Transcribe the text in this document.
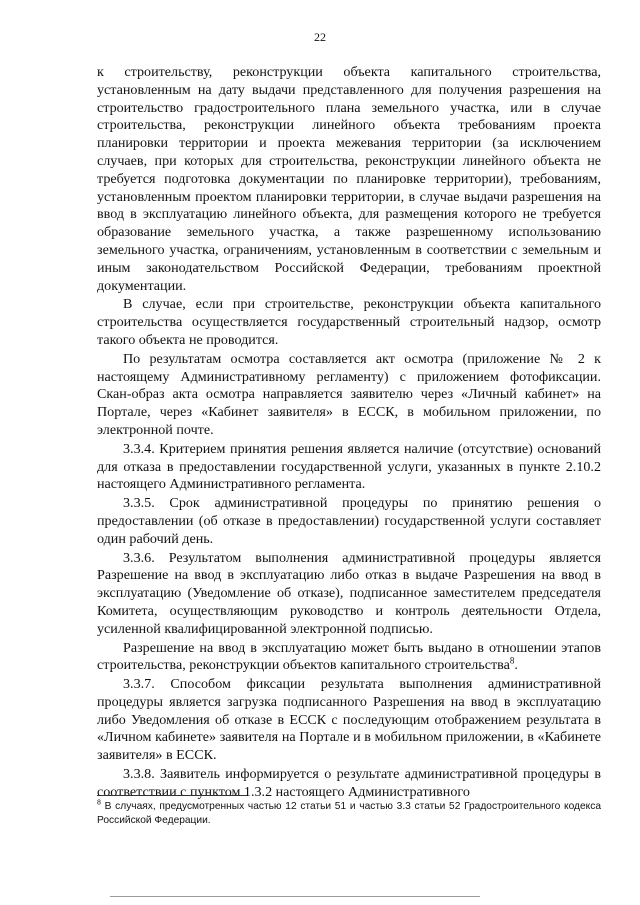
22

к строительству, реконструкции объекта капитального строительства, установленным на дату выдачи представленного для получения разрешения на строительство градостроительного плана земельного участка, или в случае строительства, реконструкции линейного объекта требованиям проекта планировки территории и проекта межевания территории (за исключением случаев, при которых для строительства, реконструкции линейного объекта не требуется подготовка документации по планировке территории), требованиям, установленным проектом планировки территории, в случае выдачи разрешения на ввод в эксплуатацию линейного объекта, для размещения которого не требуется образование земельного участка, а также разрешенному использованию земельного участка, ограничениям, установленным в соответствии с земельным и иным законодательством Российской Федерации, требованиям проектной документации.

В случае, если при строительстве, реконструкции объекта капитального строительства осуществляется государственный строительный надзор, осмотр такого объекта не проводится.

По результатам осмотра составляется акт осмотра (приложение № 2 к настоящему Административному регламенту) с приложением фотофиксации. Скан-образ акта осмотра направляется заявителю через «Личный кабинет» на Портале, через «Кабинет заявителя» в ЕССК, в мобильном приложении, по электронной почте.

3.3.4. Критерием принятия решения является наличие (отсутствие) оснований для отказа в предоставлении государственной услуги, указанных в пункте 2.10.2 настоящего Административного регламента.

3.3.5. Срок административной процедуры по принятию решения о предоставлении (об отказе в предоставлении) государственной услуги составляет один рабочий день.

3.3.6. Результатом выполнения административной процедуры является Разрешение на ввод в эксплуатацию либо отказ в выдаче Разрешения на ввод в эксплуатацию (Уведомление об отказе), подписанное заместителем председателя Комитета, осуществляющим руководство и контроль деятельности Отдела, усиленной квалифицированной электронной подписью.

Разрешение на ввод в эксплуатацию может быть выдано в отношении этапов строительства, реконструкции объектов капитального строительства$^8$.

3.3.7. Способом фиксации результата выполнения административной процедуры является загрузка подписанного Разрешения на ввод в эксплуатацию либо Уведомления об отказе в ЕССК с последующим отображением результата в «Личном кабинете» заявителя на Портале и в мобильном приложении, в «Кабинете заявителя» в ЕССК.

3.3.8. Заявитель информируется о результате административной процедуры в соответствии с пунктом 1.3.2 настоящего Административного

$^8$ В случаях, предусмотренных частью 12 статьи 51 и частью 3.3 статьи 52 Градостроительного кодекса Российской Федерации.
